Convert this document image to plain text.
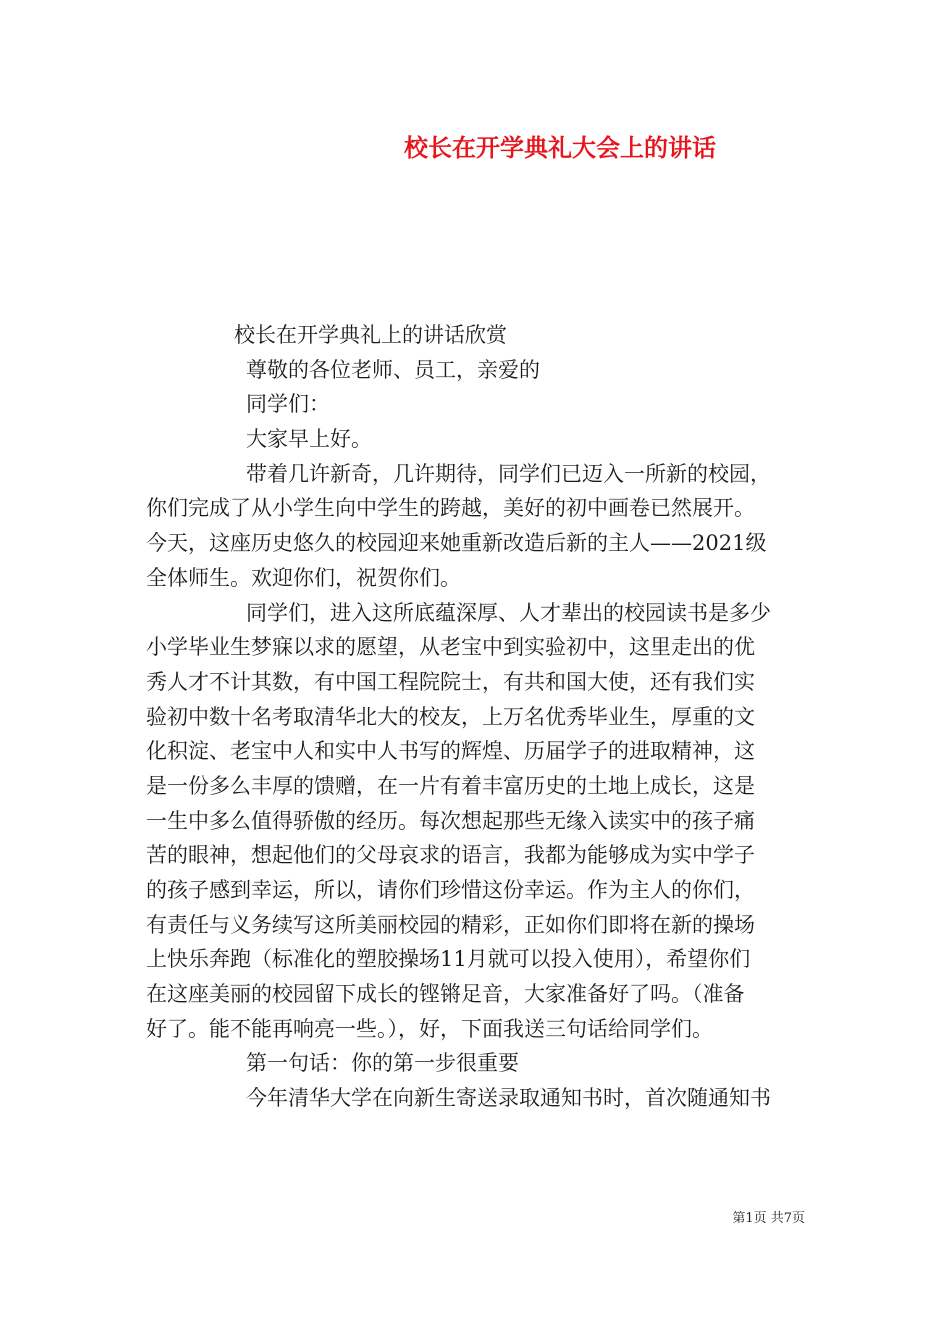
校长在开学典礼大会上的讲话
校长在开学典礼上的讲话欣赏
尊敬的各位老师、员工，亲爱的
同学们：
大家早上好。
带着几许新奇，几许期待，同学们已迈入一所新的校园，
你们完成了从小学生向中学生的跨越，美好的初中画卷已然展开。
今天，这座历史悠久的校园迎来她重新改造后新的主人——2021级
全体师生。欢迎你们，祝贺你们。
同学们，进入这所底蕴深厚、人才辈出的校园读书是多少
小学毕业生梦寐以求的愿望，从老宝中到实验初中，这里走出的优
秀人才不计其数，有中国工程院院士，有共和国大使，还有我们实
验初中数十名考取清华北大的校友，上万名优秀毕业生，厚重的文
化积淀、老宝中人和实中人书写的辉煌、历届学子的进取精神，这
是一份多么丰厚的馈赠，在一片有着丰富历史的土地上成长，这是
一生中多么值得骄傲的经历。每次想起那些无缘入读实中的孩子痛
苦的眼神，想起他们的父母哀求的语言，我都为能够成为实中学子
的孩子感到幸运，所以，请你们珍惜这份幸运。作为主人的你们，
有责任与义务续写这所美丽校园的精彩，正如你们即将在新的操场
上快乐奔跑（标准化的塑胶操场11月就可以投入使用），希望你们
在这座美丽的校园留下成长的铿锵足音，大家准备好了吗。（准备
好了。能不能再响亮一些。），好，下面我送三句话给同学们。
第一句话：你的第一步很重要
今年清华大学在向新生寄送录取通知书时，首次随通知书
第1页 共7页
